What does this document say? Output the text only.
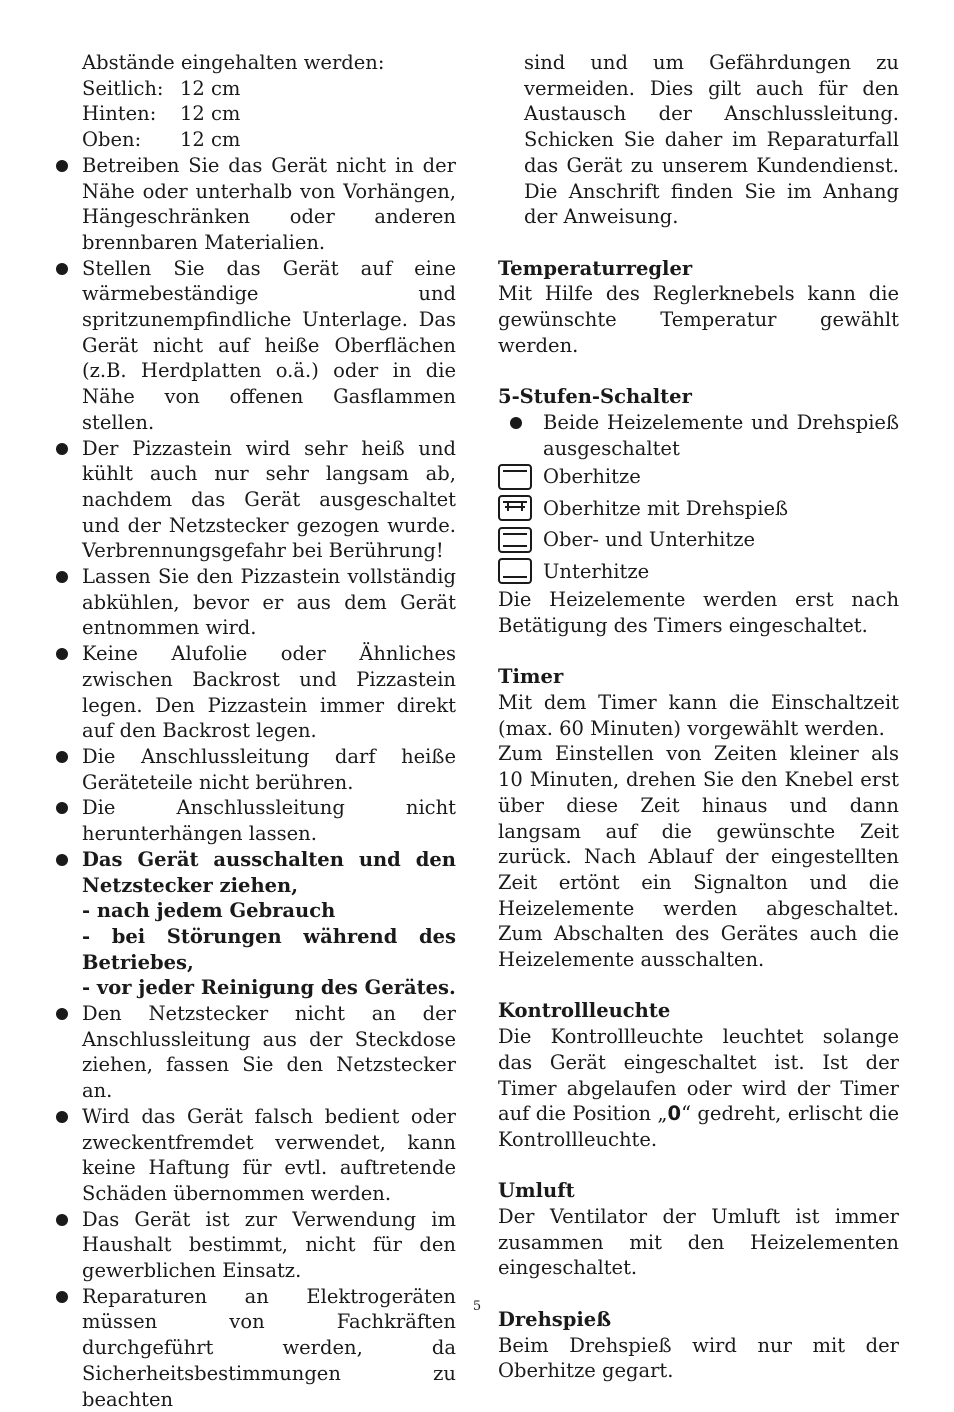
Abstände eingehalten werden:

Seitlich: 12 cm
Hinten:	12 cm
Oben:	12 cm

Betreiben Sie das Gerät nicht in der Nähe oder unterhalb von Vorhängen, Hängeschränken oder anderen brennbaren Materialien.

Stellen Sie das Gerät auf eine wärmebeständige und spritzunempfindliche Unterlage. Das Gerät nicht auf heiße Oberflächen (z.B. Herdplatten o.ä.) oder in die Nähe von offenen Gasflammen stellen.

Der Pizzastein wird sehr heiß und kühlt auch nur sehr langsam ab, nachdem das Gerät ausgeschaltet und der Netzstecker gezogen wurde. Verbrennungsgefahr bei Berührung!

Lassen Sie den Pizzastein vollständig abkühlen, bevor er aus dem Gerät entnommen wird.

Keine Alufolie oder Ähnliches zwischen Backrost und Pizzastein legen. Den Pizzastein immer direkt auf den Backrost legen.

Die Anschlussleitung darf heiße Geräteteile nicht berühren.

Die Anschlussleitung nicht herunterhängen lassen.

Das Gerät ausschalten und den Netzstecker ziehen,

- nach jedem Gebrauch

- bei Störungen während des Betriebes,

- vor jeder Reinigung des Gerätes.

Den Netzstecker nicht an der Anschlussleitung aus der Steckdose ziehen, fassen Sie den Netzstecker an.

Wird das Gerät falsch bedient oder zweckentfremdet verwendet, kann keine Haftung für evtl. auftretende Schäden übernommen werden.

Das Gerät ist zur Verwendung im Haushalt bestimmt, nicht für den gewerblichen Einsatz.

Reparaturen an Elektrogeräten müssen von Fachkräften durchgeführt werden, da Sicherheitsbestimmungen zu beachten

sind und um Gefährdungen zu vermeiden. Dies gilt auch für den Austausch der Anschlussleitung. Schicken Sie daher im Reparaturfall das Gerät zu unserem Kundendienst. Die Anschrift finden Sie im Anhang der Anweisung.

Temperaturregler

Mit Hilfe des Reglerknebels kann die gewünschte Temperatur gewählt werden.

5-Stufen-Schalter

Beide Heizelemente und Drehspieß ausgeschaltet

Oberhitze
Oberhitze mit Drehspieß
Ober- und Unterhitze
Unterhitze

Die Heizelemente werden erst nach Betätigung des Timers eingeschaltet.

Timer

Mit dem Timer kann die Einschaltzeit (max. 60 Minuten) vorgewählt werden.

Zum Einstellen von Zeiten kleiner als 10 Minuten, drehen Sie den Knebel erst über diese Zeit hinaus und dann langsam auf die gewünschte Zeit zurück. Nach Ablauf der eingestellten Zeit ertönt ein Signalton und die Heizelemente werden abgeschaltet. Zum Abschalten des Gerätes auch die Heizelemente ausschalten.

Kontrollleuchte

Die Kontrollleuchte leuchtet solange das Gerät eingeschaltet ist. Ist der Timer abgelaufen oder wird der Timer auf die Position „0“ gedreht, erlischt die Kontrollleuchte.

Umluft

Der Ventilator der Umluft ist immer zusammen mit den Heizelementen eingeschaltet.

Drehspieß

Beim Drehspieß wird nur mit der Oberhitze gegart.

5
